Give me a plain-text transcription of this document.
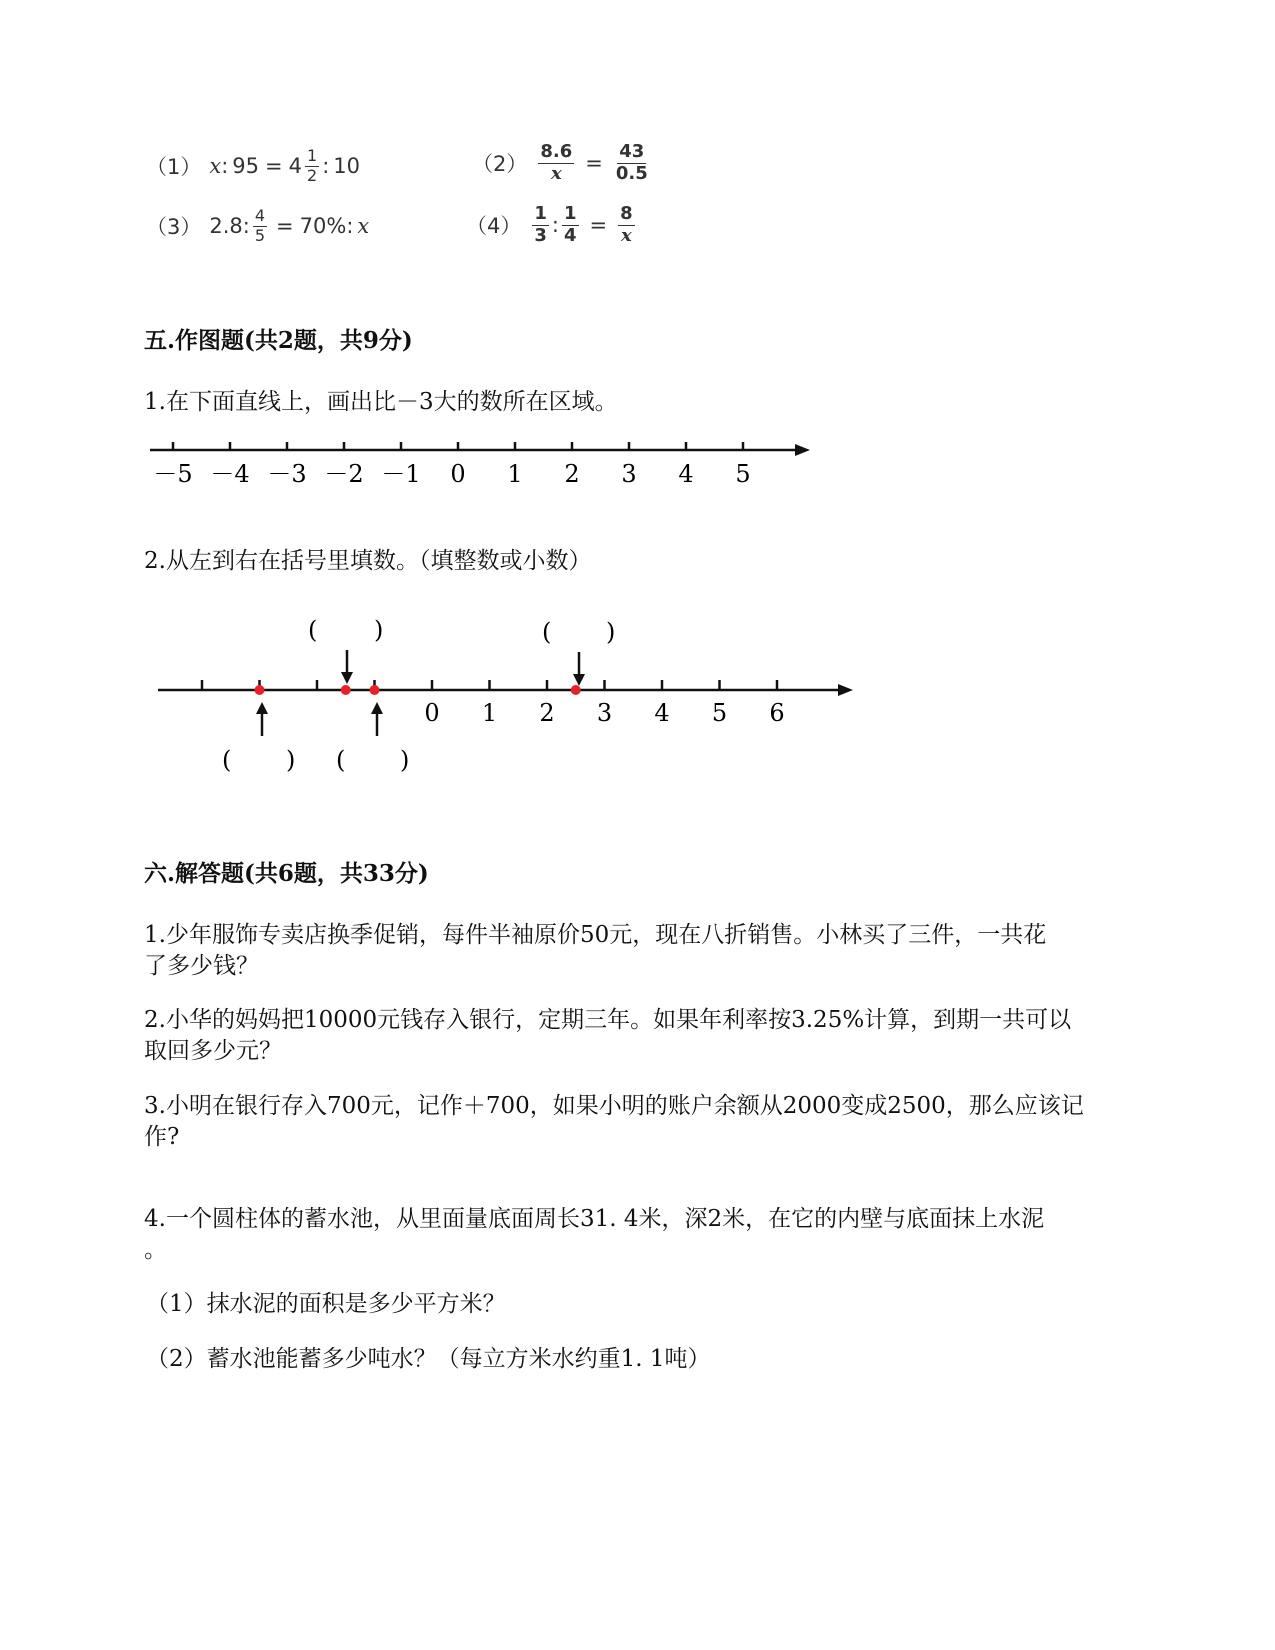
（1） x : $95 = 4 \frac{1}{2}$ : 10	$(2) \frac{8.6}{x} = \frac{43}{0.5}$
（3） 2.8 : $\frac{4}{5} = 70\%$ : x	$(4) \frac{1}{3}$ : $\frac{1}{4} = \frac{8}{x}$
五.作图题(共2题，共9分)
1.在下面直线上，画出比－3大的数所在区域。
－5 －4 －3 －2 －1 0 1 2 3 4 5
2.从左到右在括号里填数。（填整数或小数）
0 1 2 3 4 5 6
( )	( )
( ) ( )
六.解答题(共6题，共33分)
1.少年服饰专卖店换季促销，每件半袖原价50元，现在八折销售。小林买了三件，一共花
了多少钱？
2.小华的妈妈把10000元钱存入银行，定期三年。如果年利率按3.25%计算，到期一共可以
取回多少元？
3.小明在银行存入700元，记作＋700，如果小明的账户余额从2000变成2500，那么应该记
作?
4.一个圆柱体的蓄水池，从里面量底面周长31. 4米，深2米，在它的内壁与底面抹上水泥
。
（1）抹水泥的面积是多少平方米？
（2）蓄水池能蓄多少吨水？（每立方米水约重1. 1吨）
